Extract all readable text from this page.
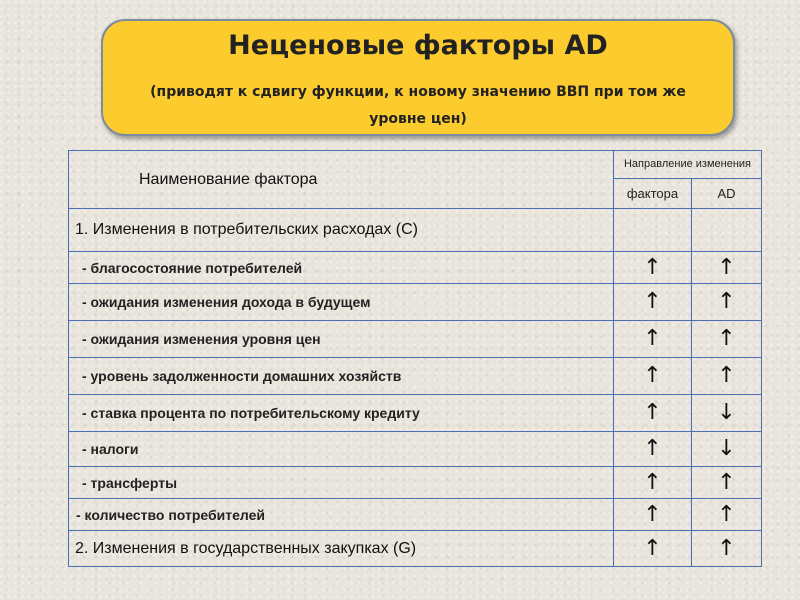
Неценовые факторы AD
(приводят к сдвигу функции, к новому значению ВВП при том же уровне цен)
Наименование фактора	Направление изменения	
	фактора	AD
1. Изменения в потребительских расходах (C)		
- благосостояние потребителей	↑	↑
- ожидания изменения дохода в будущем	↑	↑
- ожидания изменения уровня цен	↑	↑
- уровень задолженности домашних хозяйств	↑	↑
- ставка процента по потребительскому кредиту	↑	↓
- налоги	↑	↓
- трансферты	↑	↑
- количество потребителей	↑	↑
2. Изменения в государственных закупках (G)	↑	↑
